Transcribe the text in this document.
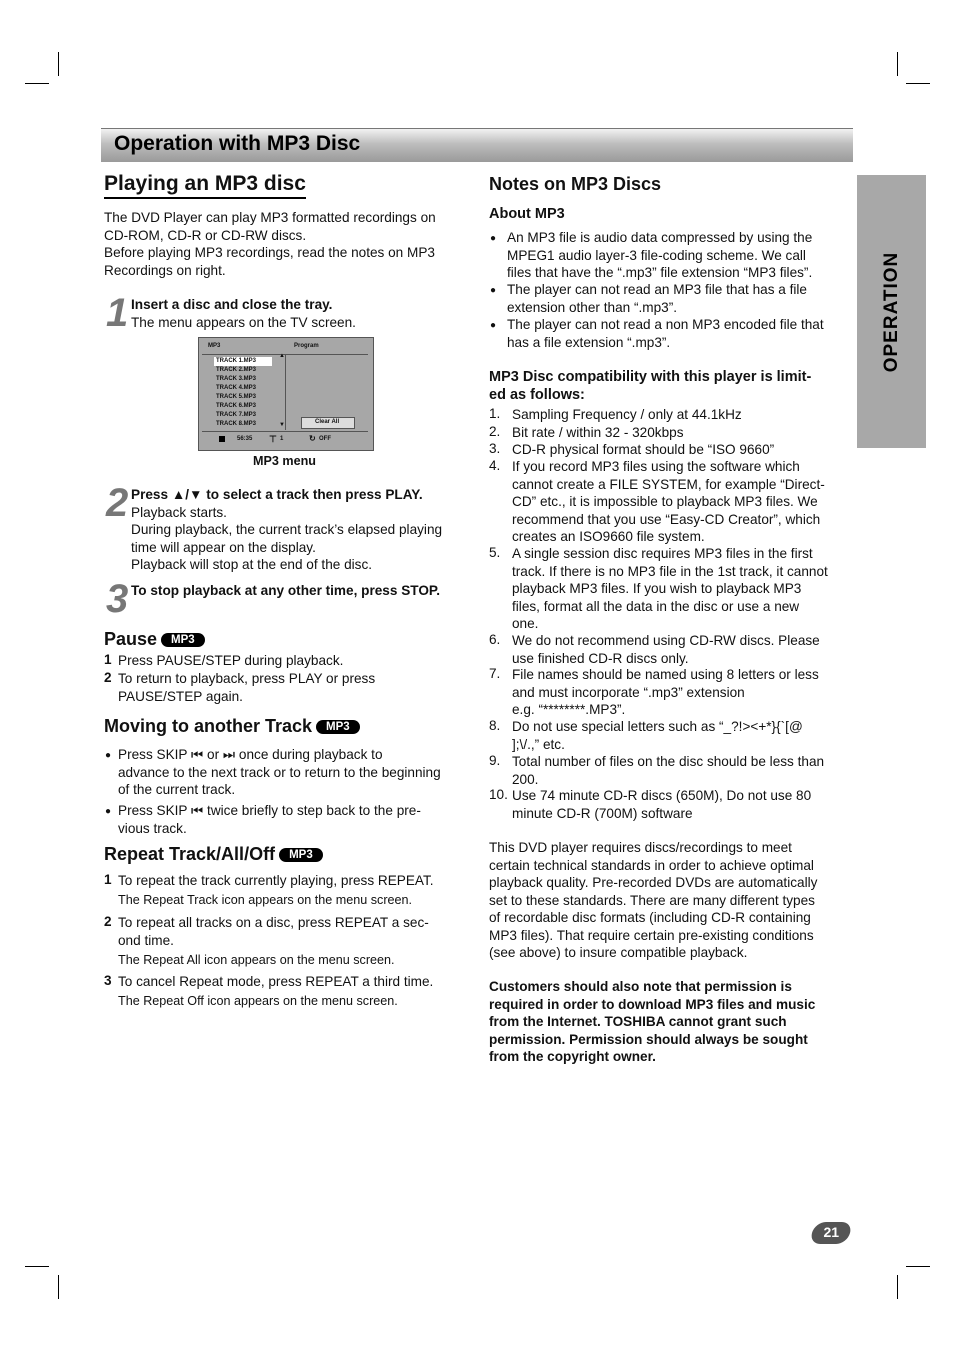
Operation with MP3 Disc
OPERATION
Playing an MP3 disc
The DVD Player can play MP3 formatted recordings on
CD-ROM, CD-R or CD-RW discs.
Before playing MP3 recordings, read the notes on MP3
Recordings on right.
1 Insert a disc and close the tray.
The menu appears on the TV screen.
MP3	Program
TRACK 1.MP3
TRACK 2.MP3
TRACK 3.MP3
TRACK 4.MP3
TRACK 5.MP3
TRACK 6.MP3
TRACK 7.MP3
TRACK 8.MP3
▲
▼	Clear All
56:35 ⊤ 1	↻ OFF
MP3 menu
2 Press ▲/▼ to select a track then press PLAY.
Playback starts.
During playback, the current track’s elapsed playing
time will appear on the display.
Playback will stop at the end of the disc.
3 To stop playback at any other time, press STOP.
Pause MP3
1 Press PAUSE/STEP during playback.
2 To return to playback, press PLAY or press
PAUSE/STEP again.
Moving to another Track MP3
● Press SKIP ⏮ or ⏭ once during playback to
advance to the next track or to return to the beginning
of the current track.
● Press SKIP ⏮ twice briefly to step back to the pre-
vious track.
Repeat Track/All/Off MP3
1 To repeat the track currently playing, press REPEAT.
The Repeat Track icon appears on the menu screen.
2 To repeat all tracks on a disc, press REPEAT a sec-
ond time.
The Repeat All icon appears on the menu screen.
3 To cancel Repeat mode, press REPEAT a third time.
The Repeat Off icon appears on the menu screen.
Notes on MP3 Discs
About MP3
● An MP3 file is audio data compressed by using the
MPEG1 audio layer-3 file-coding scheme. We call
files that have the “.mp3” file extension “MP3 files”.
● The player can not read an MP3 file that has a file
extension other than “.mp3”.
● The player can not read a non MP3 encoded file that
has a file extension “.mp3”.
MP3 Disc compatibility with this player is limit-
ed as follows:
1. Sampling Frequency / only at 44.1kHz
2. Bit rate / within 32 - 320kbps
3. CD-R physical format should be “ISO 9660”
4. If you record MP3 files using the software which
cannot create a FILE SYSTEM, for example “Direct-
CD” etc., it is impossible to playback MP3 files. We
recommend that you use “Easy-CD Creator”, which
creates an ISO9660 file system.
5. A single session disc requires MP3 files in the first
track. If there is no MP3 file in the 1st track, it cannot
playback MP3 files. If you wish to playback MP3
files, format all the data in the disc or use a new
one.
6. We do not recommend using CD-RW discs. Please
use finished CD-R discs only.
7. File names should be named using 8 letters or less
and must incorporate “.mp3” extension
e.g. “********.MP3”.
8. Do not use special letters such as “_?!><+*}{`[@
];\/.,” etc.
9. Total number of files on the disc should be less than
200.
10. Use 74 minute CD-R discs (650M), Do not use 80
minute CD-R (700M) software
This DVD player requires discs/recordings to meet
certain technical standards in order to achieve optimal
playback quality. Pre-recorded DVDs are automatically
set to these standards. There are many different types
of recordable disc formats (including CD-R containing
MP3 files). That require certain pre-existing conditions
(see above) to insure compatible playback.
Customers should also note that permission is
required in order to download MP3 files and music
from the Internet. TOSHIBA cannot grant such
permission. Permission should always be sought
from the copyright owner.
21
